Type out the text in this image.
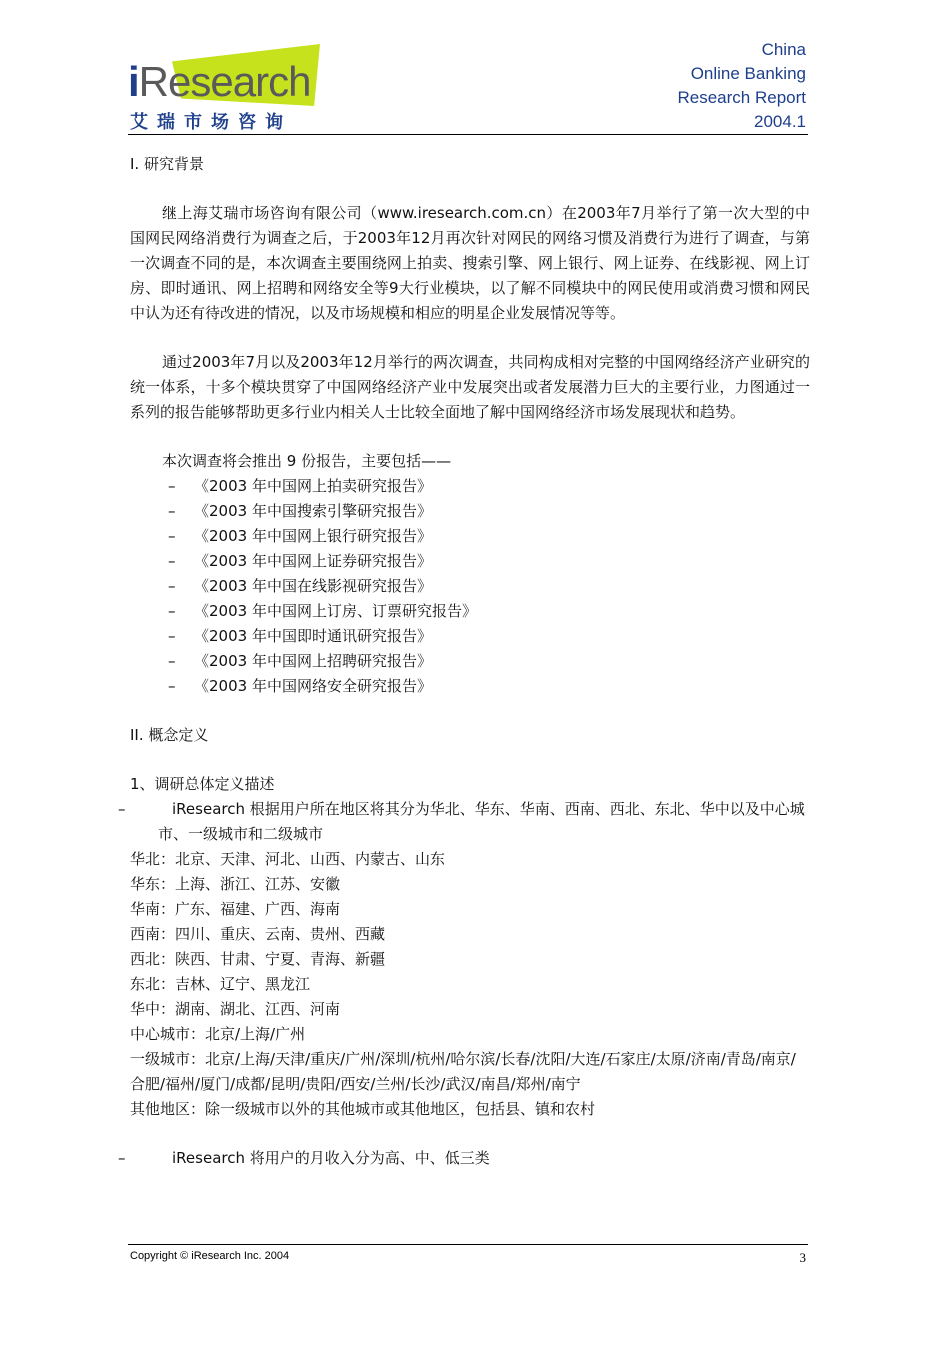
iResearch
艾瑞市场咨询
China
Online Banking
Research Report
2004.1

I. 研究背景

继上海艾瑞市场咨询有限公司（www.iresearch.com.cn）在2003年7月举行了第一次大型的中国网民网络消费行为调查之后，于2003年12月再次针对网民的网络习惯及消费行为进行了调查，与第一次调查不同的是，本次调查主要围绕网上拍卖、搜索引擎、网上银行、网上证券、在线影视、网上订房、即时通讯、网上招聘和网络安全等9大行业模块，以了解不同模块中的网民使用或消费习惯和网民中认为还有待改进的情况，以及市场规模和相应的明星企业发展情况等等。

通过2003年7月以及2003年12月举行的两次调查，共同构成相对完整的中国网络经济产业研究的统一体系，十多个模块贯穿了中国网络经济产业中发展突出或者发展潜力巨大的主要行业，力图通过一系列的报告能够帮助更多行业内相关人士比较全面地了解中国网络经济市场发展现状和趋势。

本次调查将会推出 9 份报告，主要包括——

– 《2003 年中国网上拍卖研究报告》

– 《2003 年中国搜索引擎研究报告》

– 《2003 年中国网上银行研究报告》

– 《2003 年中国网上证券研究报告》

– 《2003 年中国在线影视研究报告》

– 《2003 年中国网上订房、订票研究报告》

– 《2003 年中国即时通讯研究报告》

– 《2003 年中国网上招聘研究报告》

– 《2003 年中国网络安全研究报告》

II. 概念定义

1、调研总体定义描述

–	iResearch 根据用户所在地区将其分为华北、华东、华南、西南、西北、东北、华中以及中心城市、一级城市和二级城市

华北：北京、天津、河北、山西、内蒙古、山东

华东：上海、浙江、江苏、安徽

华南：广东、福建、广西、海南

西南：四川、重庆、云南、贵州、西藏

西北：陕西、甘肃、宁夏、青海、新疆

东北：吉林、辽宁、黑龙江

华中：湖南、湖北、江西、河南

中心城市：北京/上海/广州

一级城市：北京/上海/天津/重庆/广州/深圳/杭州/哈尔滨/长春/沈阳/大连/石家庄/太原/济南/青岛/南京/合肥/福州/厦门/成都/昆明/贵阳/西安/兰州/长沙/武汉/南昌/郑州/南宁

其他地区：除一级城市以外的其他城市或其他地区，包括县、镇和农村

–	iResearch 将用户的月收入分为高、中、低三类

Copyright © iResearch Inc. 2004	3
